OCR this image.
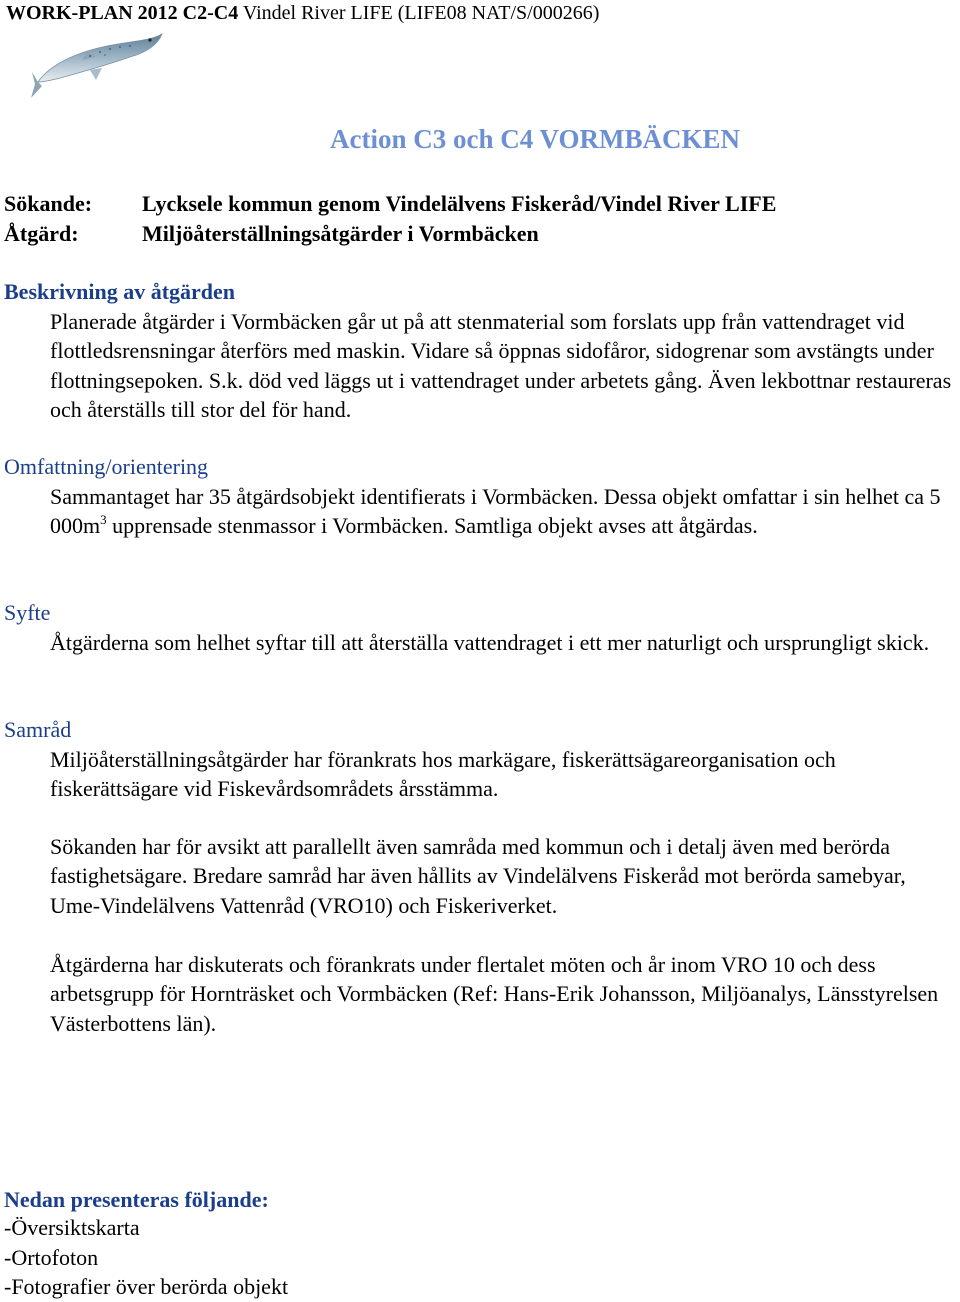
WORK-PLAN 2012 C2-C4 Vindel River LIFE (LIFE08 NAT/S/000266)
Action C3 och C4 VORMBÄCKEN
Sökande: Lycksele kommun genom Vindelälvens Fiskeråd/Vindel River LIFE
Åtgärd:	Miljöåterställningsåtgärder i Vormbäcken
Beskrivning av åtgärden

Planerade åtgärder i Vormbäcken går ut på att stenmaterial som forslats upp från vattendraget vid flottledsrensningar återförs med maskin. Vidare så öppnas sidofåror, sidogrenar som avstängts under flottningsepoken. S.k. död ved läggs ut i vattendraget under arbetets gång. Även lekbottnar restaureras och återställs till stor del för hand.

Omfattning/orientering

Sammantaget har 35 åtgärdsobjekt identifierats i Vormbäcken. Dessa objekt omfattar i sin helhet ca 5 $000m^3$ upprensade stenmassor i Vormbäcken. Samtliga objekt avses att åtgärdas.

Syfte

Åtgärderna som helhet syftar till att återställa vattendraget i ett mer naturligt och ursprungligt skick.

Samråd

Miljöåterställningsåtgärder har förankrats hos markägare, fiskerättsägareorganisation och fiskerättsägare vid Fiskevårdsområdets årsstämma.

Sökanden har för avsikt att parallellt även samråda med kommun och i detalj även med berörda fastighetsägare. Bredare samråd har även hållits av Vindelälvens Fiskeråd mot berörda samebyar, Ume-Vindelälvens Vattenråd (VRO10) och Fiskeriverket.

Åtgärderna har diskuterats och förankrats under flertalet möten och år inom VRO 10 och dess arbetsgrupp för Hornträsket och Vormbäcken (Ref: Hans-Erik Johansson, Miljöanalys, Länsstyrelsen Västerbottens län).

Nedan presenteras följande:
-Översiktskarta
-Ortofoton
-Fotografier över berörda objekt
